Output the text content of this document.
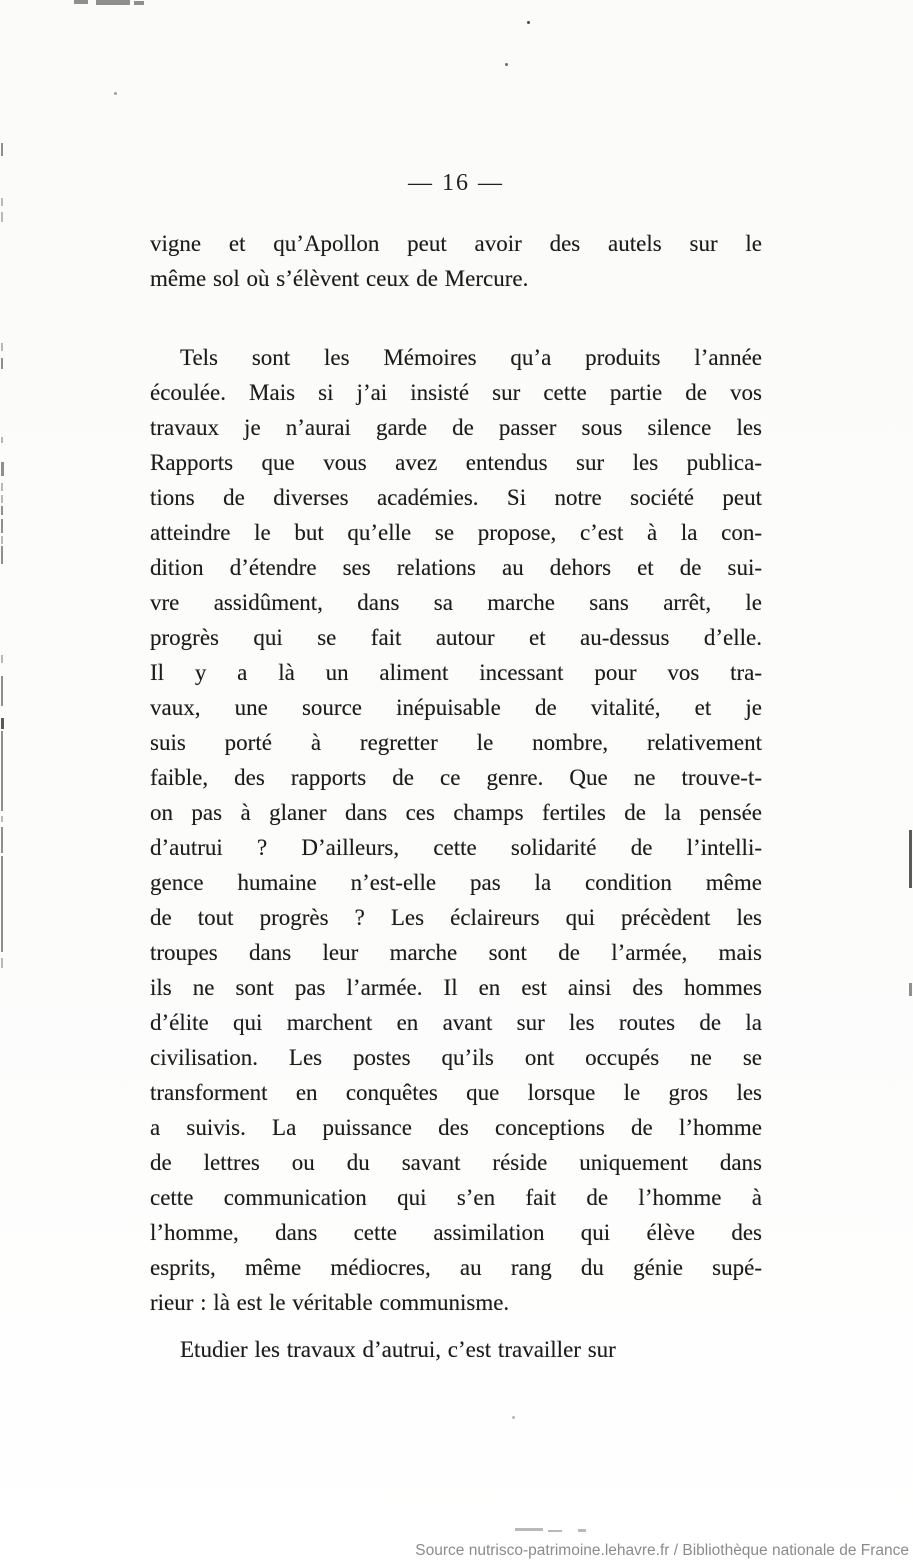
— 16 —
vigne et qu’Apollon peut avoir des autels sur le
même sol où s’élèvent ceux de Mercure.
Tels sont les Mémoires qu’a produits l’année
écoulée. Mais si j’ai insisté sur cette partie de vos
travaux je n’aurai garde de passer sous silence les
Rapports que vous avez entendus sur les publica-
tions de diverses académies. Si notre société peut
atteindre le but qu’elle se propose, c’est à la con-
dition d’étendre ses relations au dehors et de sui-
vre assidûment, dans sa marche sans arrêt, le
progrès qui se fait autour et au-dessus d’elle.
Il y a là un aliment incessant pour vos tra-
vaux, une source inépuisable de vitalité, et je
suis porté à regretter le nombre, relativement
faible, des rapports de ce genre. Que ne trouve-t-
on pas à glaner dans ces champs fertiles de la pensée
d’autrui ? D’ailleurs, cette solidarité de l’intelli-
gence humaine n’est-elle pas la condition même
de tout progrès ? Les éclaireurs qui précèdent les
troupes dans leur marche sont de l’armée, mais
ils ne sont pas l’armée. Il en est ainsi des hommes
d’élite qui marchent en avant sur les routes de la
civilisation. Les postes qu’ils ont occupés ne se
transforment en conquêtes que lorsque le gros les
a suivis. La puissance des conceptions de l’homme
de lettres ou du savant réside uniquement dans
cette communication qui s’en fait de l’homme à
l’homme, dans cette assimilation qui élève des
esprits, même médiocres, au rang du génie supé-
rieur : là est le véritable communisme.
Etudier les travaux d’autrui, c’est travailler sur
Source nutrisco-patrimoine.lehavre.fr / Bibliothèque nationale de France
